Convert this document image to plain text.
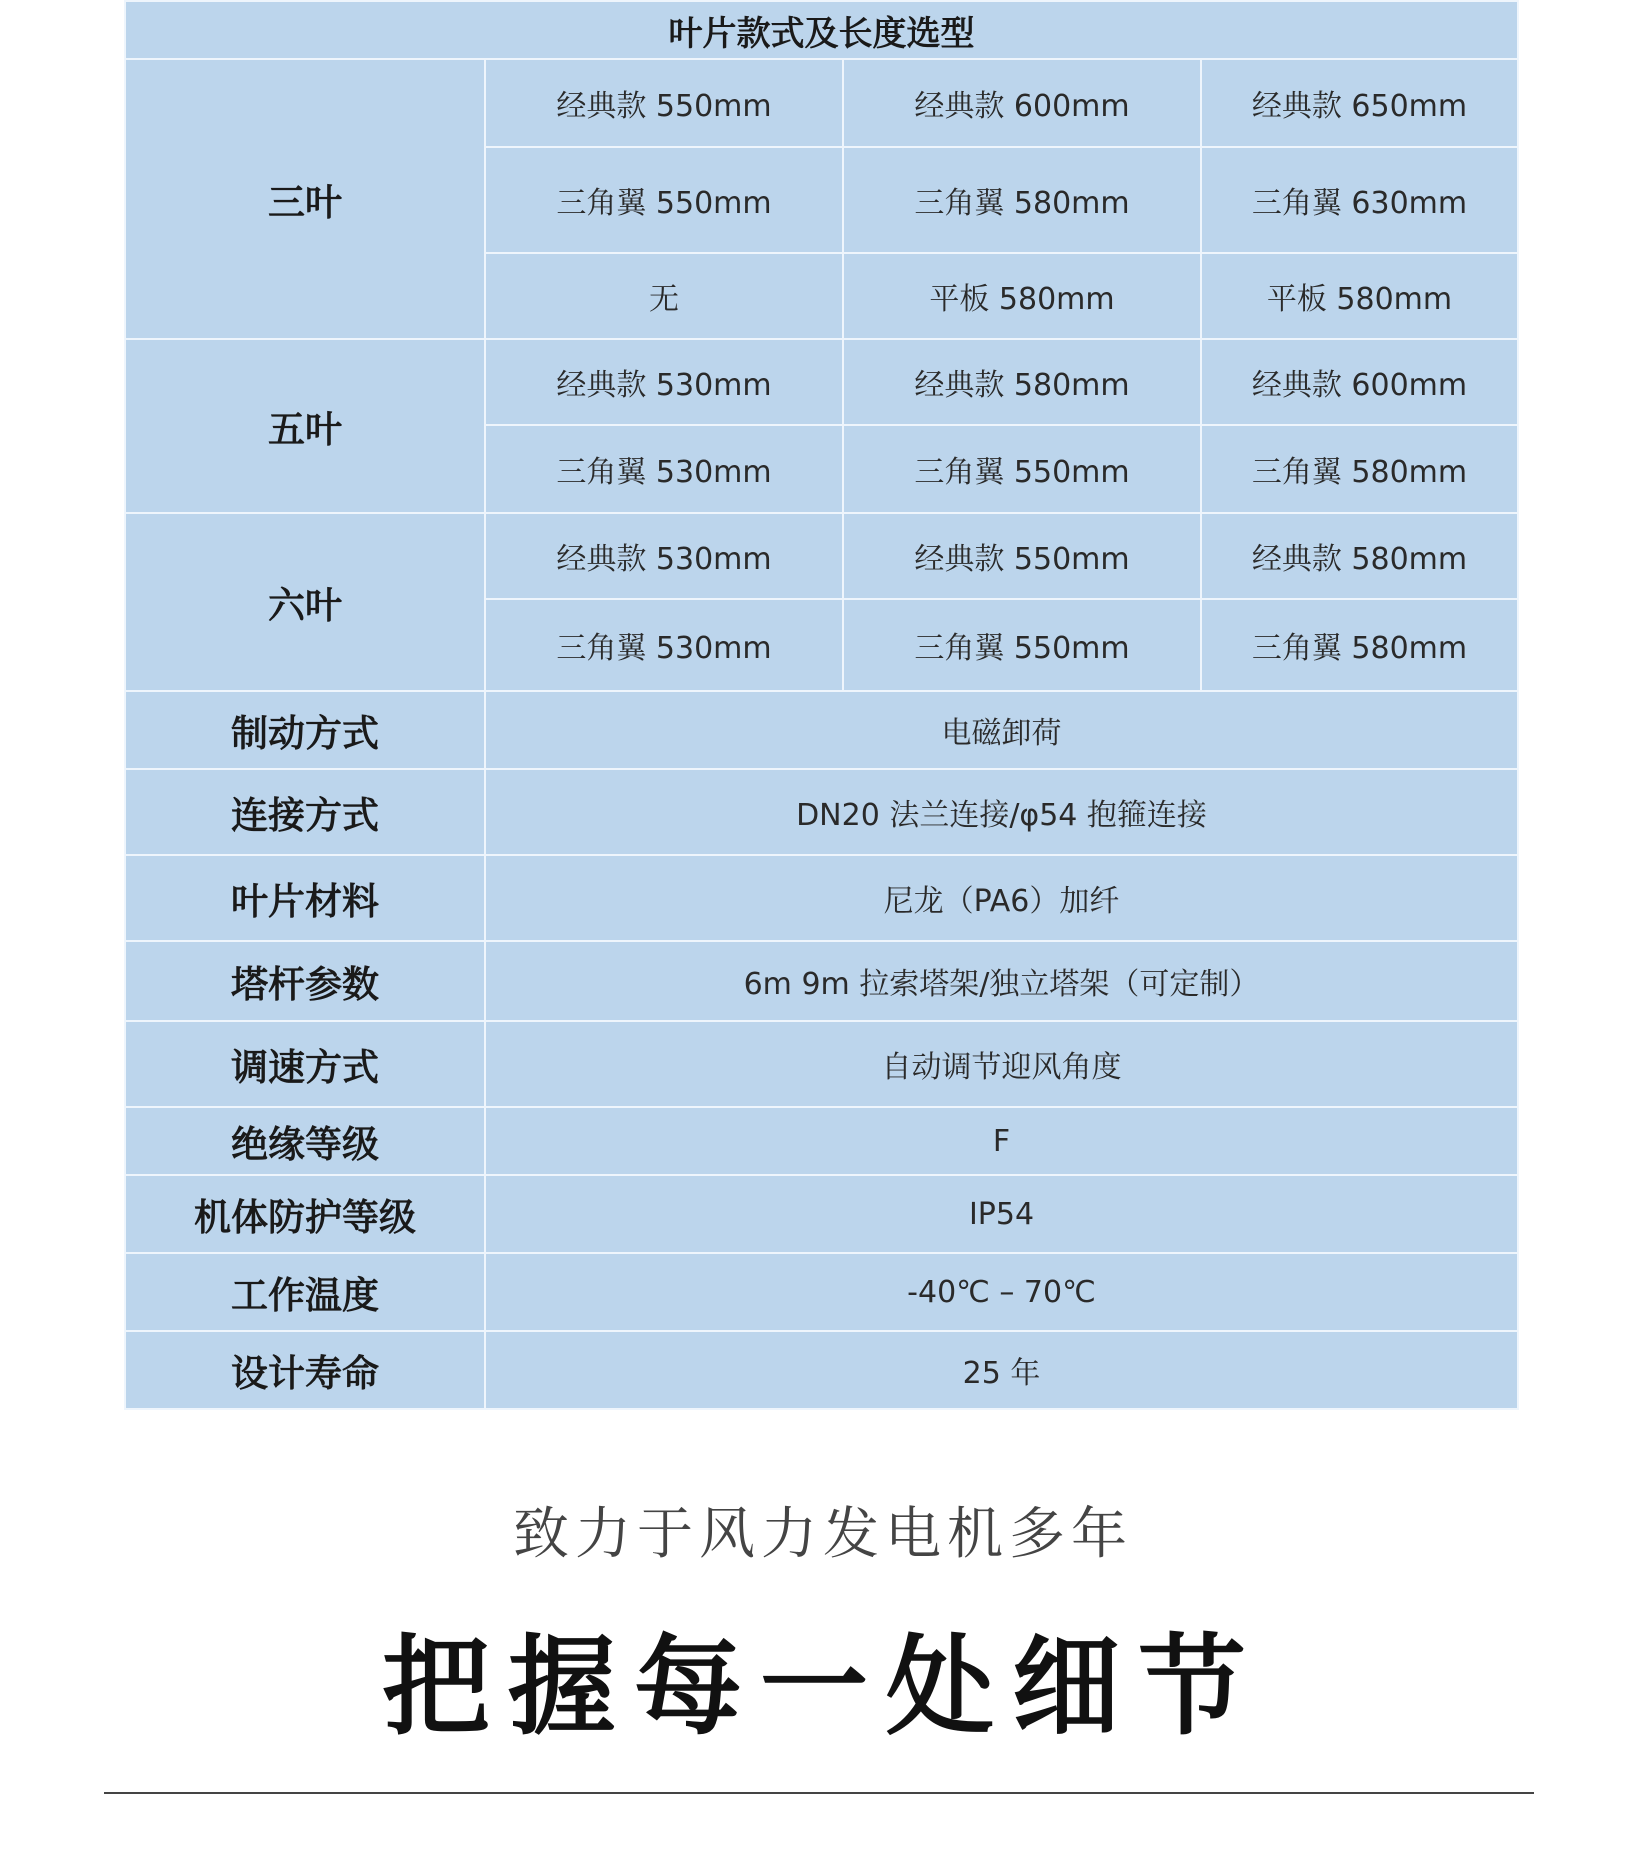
叶片款式及长度选型			
三叶	经典款 550mm	经典款 600mm	经典款 650mm
	三角翼 550mm	三角翼 580mm	三角翼 630mm
	无	平板 580mm	平板 580mm
五叶	经典款 530mm	经典款 580mm	经典款 600mm
	三角翼 530mm	三角翼 550mm	三角翼 580mm
六叶	经典款 530mm	经典款 550mm	经典款 580mm
	三角翼 530mm	三角翼 550mm	三角翼 580mm
制动方式	电磁卸荷		
连接方式	DN20 法兰连接/φ54 抱箍连接		
叶片材料	尼龙（PA6）加纤		
塔杆参数	6m 9m 拉索塔架/独立塔架（可定制）		
调速方式	自动调节迎风角度		
绝缘等级	F		
机体防护等级	IP54		
工作温度	-40℃ – 70℃		
设计寿命	25 年		
致力于风力发电机多年
把握每一处细节
